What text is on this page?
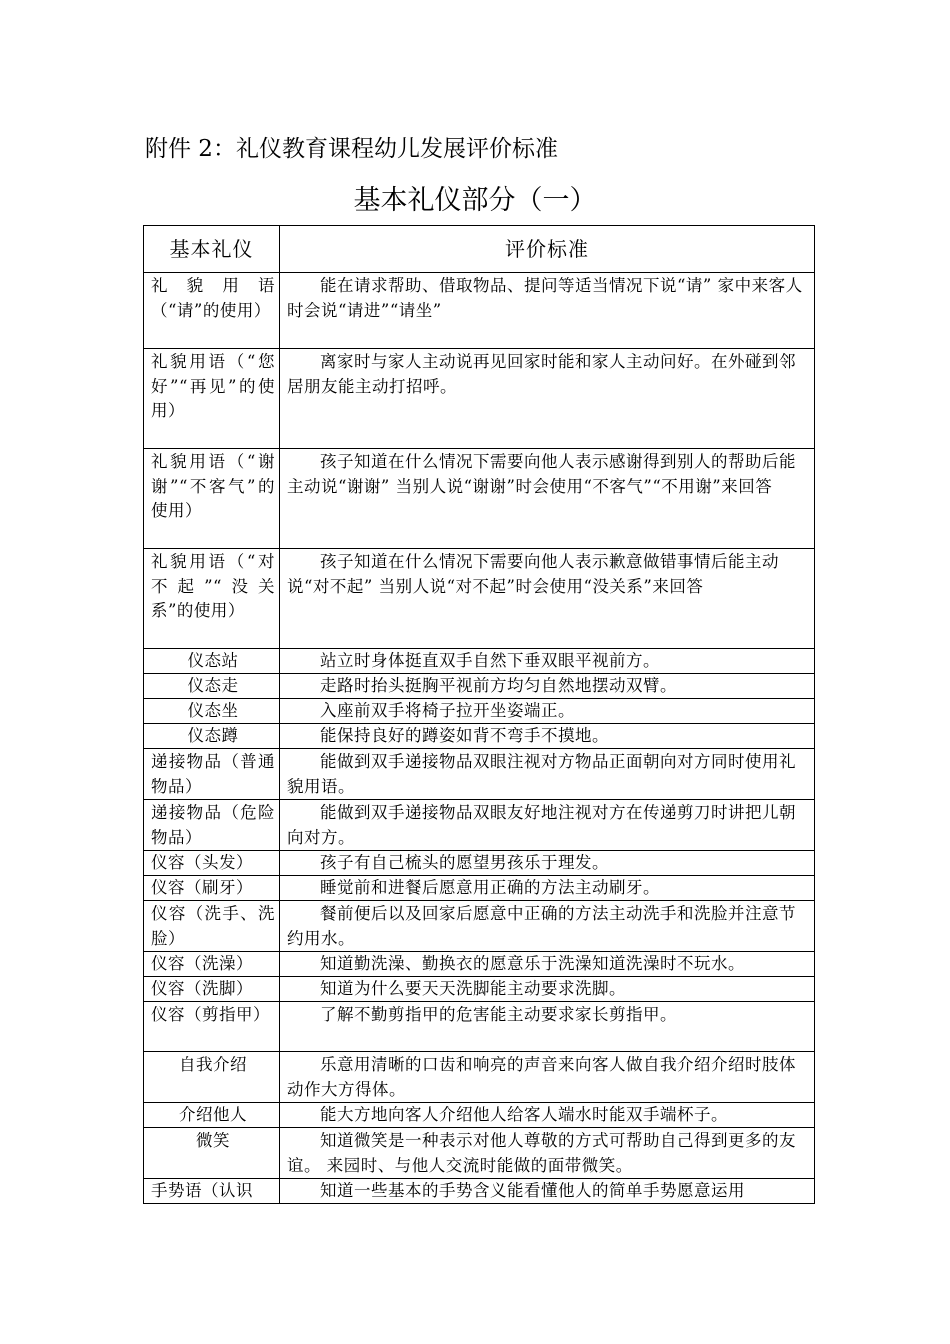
附件 2：礼仪教育课程幼儿发展评价标准
基本礼仪部分（一）
基本礼仪	评价标准
礼貌用语（“请”的使用）	能在请求帮助、借取物品、提问等适当情况下说“请” 家中来客人时会说“请进”“请坐”
礼貌用语（“您好”“再见”的使用）	离家时与家人主动说再见回家时能和家人主动问好。在外碰到邻居朋友能主动打招呼。
礼貌用语（“谢谢”“不客气”的使用）	孩子知道在什么情况下需要向他人表示感谢得到别人的帮助后能主动说“谢谢” 当别人说“谢谢”时会使用“不客气”“不用谢”来回答
礼貌用语（“对不起”“没关系”的使用）	孩子知道在什么情况下需要向他人表示歉意做错事情后能主动说“对不起” 当别人说“对不起”时会使用“没关系”来回答
仪态站	站立时身体挺直双手自然下垂双眼平视前方。
仪态走	走路时抬头挺胸平视前方均匀自然地摆动双臂。
仪态坐	入座前双手将椅子拉开坐姿端正。
仪态蹲	能保持良好的蹲姿如背不弯手不摸地。
递接物品（普通物品）	能做到双手递接物品双眼注视对方物品正面朝向对方同时使用礼貌用语。
递接物品（危险物品）	能做到双手递接物品双眼友好地注视对方在传递剪刀时讲把儿朝向对方。
仪容（头发）	孩子有自己梳头的愿望男孩乐于理发。
仪容（刷牙）	睡觉前和进餐后愿意用正确的方法主动刷牙。
仪容（洗手、洗脸）	餐前便后以及回家后愿意中正确的方法主动洗手和洗脸并注意节约用水。
仪容（洗澡）	知道勤洗澡、勤换衣的愿意乐于洗澡知道洗澡时不玩水。
仪容（洗脚）	知道为什么要天天洗脚能主动要求洗脚。
仪容（剪指甲）	了解不勤剪指甲的危害能主动要求家长剪指甲。
自我介绍	乐意用清晰的口齿和响亮的声音来向客人做自我介绍介绍时肢体动作大方得体。
介绍他人	能大方地向客人介绍他人给客人端水时能双手端杯子。
微笑	知道微笑是一种表示对他人尊敬的方式可帮助自己得到更多的友谊。 来园时、与他人交流时能做的面带微笑。
手势语（认识	知道一些基本的手势含义能看懂他人的简单手势愿意运用
